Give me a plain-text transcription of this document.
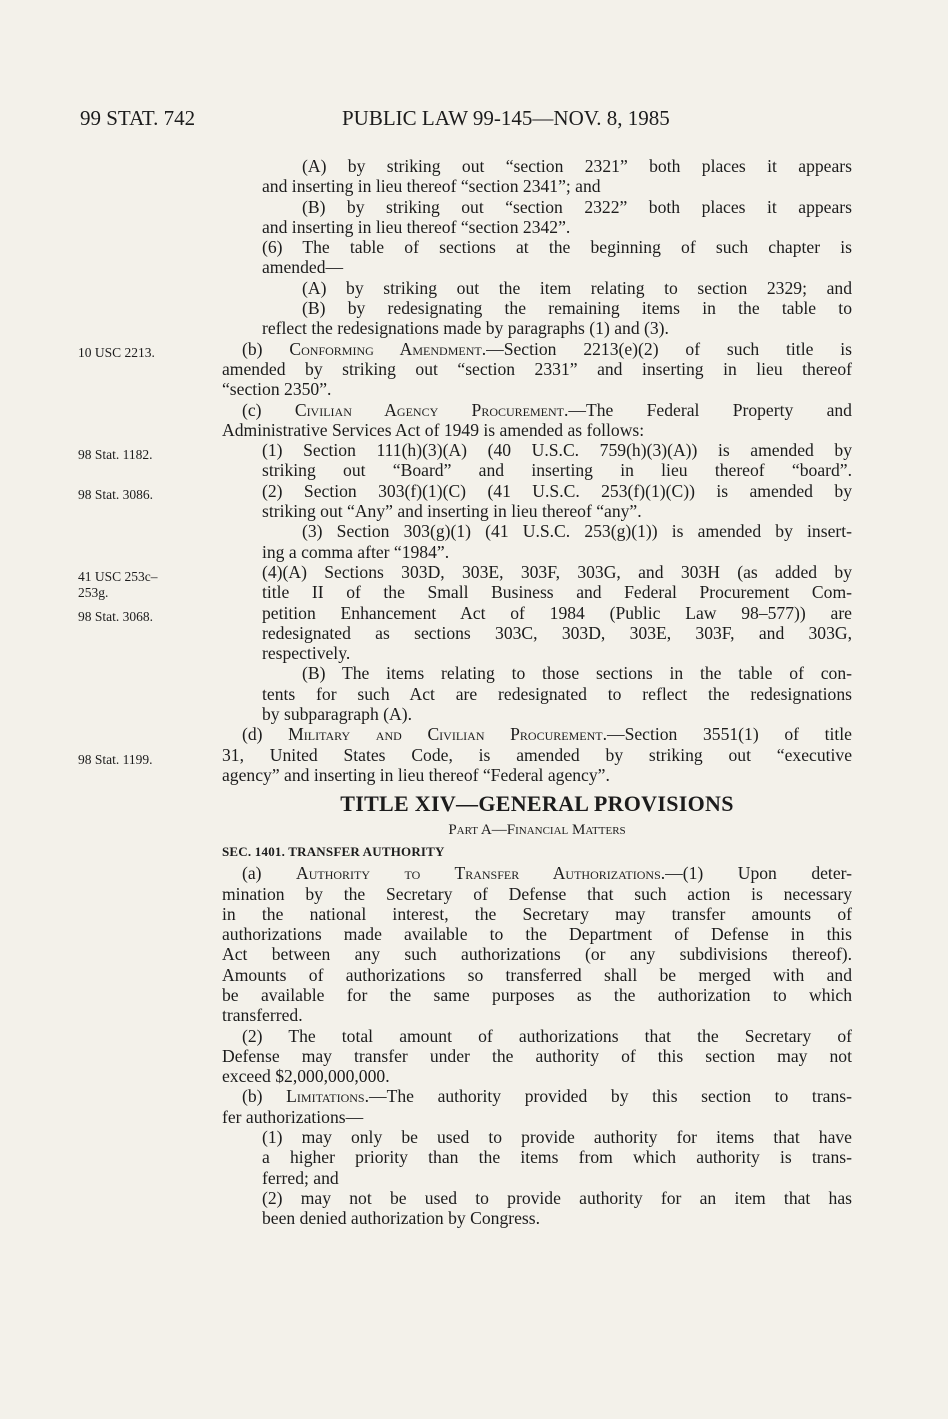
99 STAT. 742	PUBLIC LAW 99-145—NOV. 8, 1985
10 USC 2213.
98 Stat. 1182.
98 Stat. 3086.
41 USC 253c–
253g.
98 Stat. 3068.
98 Stat. 1199.
(A) by striking out “section 2321” both places it appears
and inserting in lieu thereof “section 2341”; and
(B) by striking out “section 2322” both places it appears
and inserting in lieu thereof “section 2342”.
(6) The table of sections at the beginning of such chapter is
amended—
(A) by striking out the item relating to section 2329; and
(B) by redesignating the remaining items in the table to
reflect the redesignations made by paragraphs (1) and (3).
(b) Conforming Amendment.—Section 2213(e)(2) of such title is
amended by striking out “section 2331” and inserting in lieu thereof
“section 2350”.
(c) Civilian Agency Procurement.—The Federal Property and
Administrative Services Act of 1949 is amended as follows:
(1) Section 111(h)(3)(A) (40 U.S.C. 759(h)(3)(A)) is amended by
striking out “Board” and inserting in lieu thereof “board”.
(2) Section 303(f)(1)(C) (41 U.S.C. 253(f)(1)(C)) is amended by
striking out “Any” and inserting in lieu thereof “any”.
(3) Section 303(g)(1) (41 U.S.C. 253(g)(1)) is amended by insert-
ing a comma after “1984”.
(4)(A) Sections 303D, 303E, 303F, 303G, and 303H (as added by
title II of the Small Business and Federal Procurement Com-
petition Enhancement Act of 1984 (Public Law 98–577)) are
redesignated as sections 303C, 303D, 303E, 303F, and 303G,
respectively.
(B) The items relating to those sections in the table of con-
tents for such Act are redesignated to reflect the redesignations
by subparagraph (A).
(d) Military and Civilian Procurement.—Section 3551(1) of title
31, United States Code, is amended by striking out “executive
agency” and inserting in lieu thereof “Federal agency”.
TITLE XIV—GENERAL PROVISIONS
Part A—Financial Matters
SEC. 1401. TRANSFER AUTHORITY
(a) Authority to Transfer Authorizations.—(1) Upon deter-
mination by the Secretary of Defense that such action is necessary
in the national interest, the Secretary may transfer amounts of
authorizations made available to the Department of Defense in this
Act between any such authorizations (or any subdivisions thereof).
Amounts of authorizations so transferred shall be merged with and
be available for the same purposes as the authorization to which
transferred.
(2) The total amount of authorizations that the Secretary of
Defense may transfer under the authority of this section may not
exceed $2,000,000,000.
(b) Limitations.—The authority provided by this section to trans-
fer authorizations—
(1) may only be used to provide authority for items that have
a higher priority than the items from which authority is trans-
ferred; and
(2) may not be used to provide authority for an item that has
been denied authorization by Congress.
